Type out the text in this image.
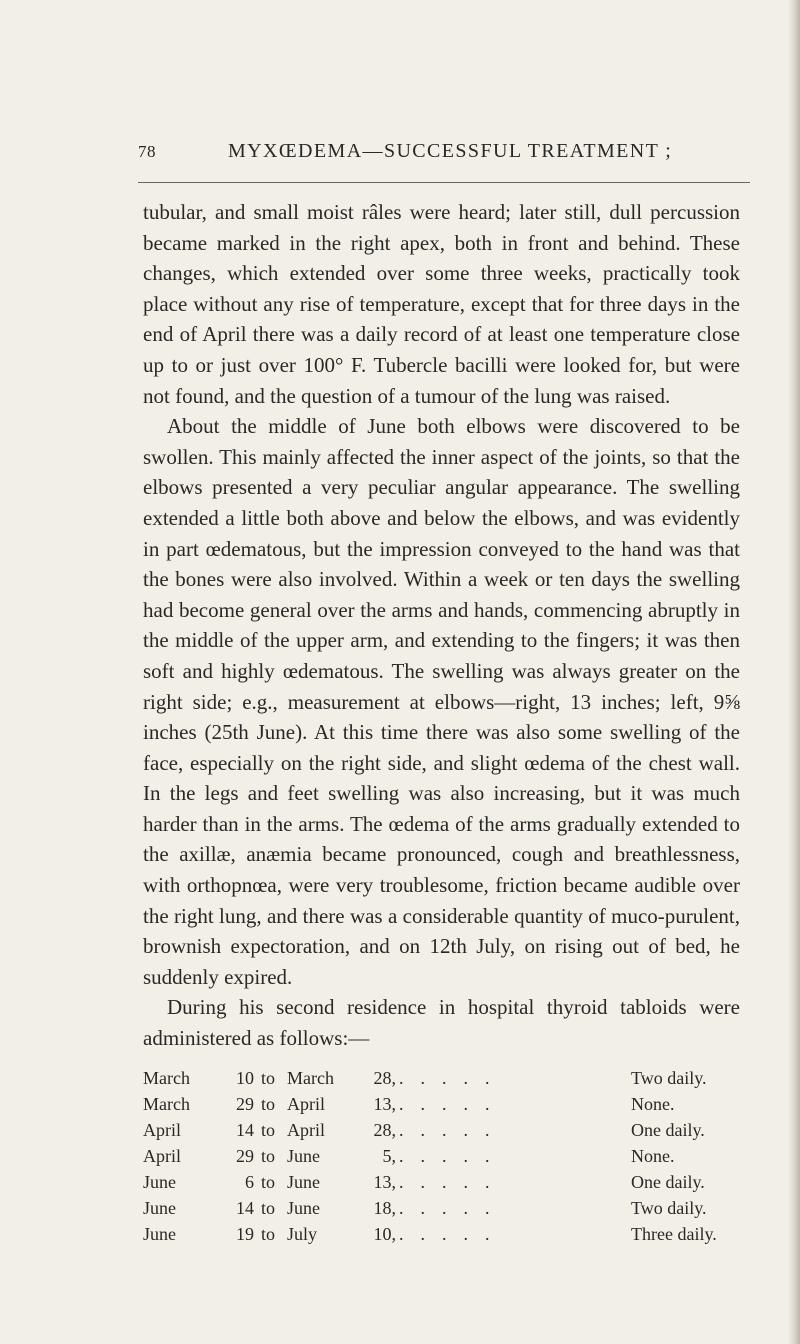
78	MYXŒDEMA—SUCCESSFUL TREATMENT ;

tubular, and small moist râles were heard; later still, dull percussion became marked in the right apex, both in front and behind. These changes, which extended over some three weeks, practically took place without any rise of temperature, except that for three days in the end of April there was a daily record of at least one temperature close up to or just over 100° F. Tubercle bacilli were looked for, but were not found, and the question of a tumour of the lung was raised.

About the middle of June both elbows were discovered to be swollen. This mainly affected the inner aspect of the joints, so that the elbows presented a very peculiar angular appearance. The swelling extended a little both above and below the elbows, and was evidently in part œdematous, but the impression conveyed to the hand was that the bones were also involved. Within a week or ten days the swelling had become general over the arms and hands, commencing abruptly in the middle of the upper arm, and extending to the fingers; it was then soft and highly œdematous. The swelling was always greater on the right side; e.g., measurement at elbows—right, 13 inches; left, 9⅝ inches (25th June). At this time there was also some swelling of the face, especially on the right side, and slight œdema of the chest wall. In the legs and feet swelling was also increasing, but it was much harder than in the arms. The œdema of the arms gradually extended to the axillæ, anæmia became pronounced, cough and breathlessness, with orthopnœa, were very troublesome, friction became audible over the right lung, and there was a considerable quantity of muco-purulent, brownish expectoration, and on 12th July, on rising out of bed, he suddenly expired.

During his second residence in hospital thyroid tabloids were administered as follows:—

March	10 to March	28, .....	Two daily.
March	29 to April	13, .....	None.
April	14 to April	28, .....	One daily.
April	29 to June	5, .....	None.
June	6 to June	13, .....	One daily.
June	14 to June	18, .....	Two daily.
June	19 to July	10, .....	Three daily.
